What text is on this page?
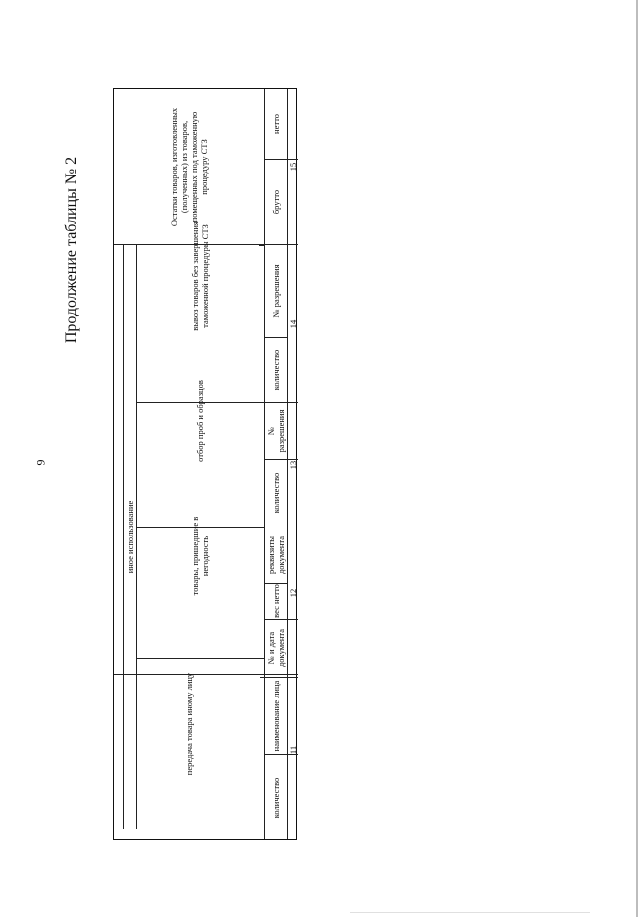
9
Продолжение таблицы № 2	Остатки товаров, изготовленных (полученных) из товаров, помещенных под таможенную процедуру СТЗ
вывоз товаров без завершения таможенной процедуры СТЗ
отбор проб и образцов
товары, пришедшие в негодность
иное использование
передача товара иному лицу
брутто
нетто
№ разрешения
количество
№ разрешения
количество
реквизиты документа
вес нетто
№ и дата документа
наименование лица
количество
15
14
13
12
11
